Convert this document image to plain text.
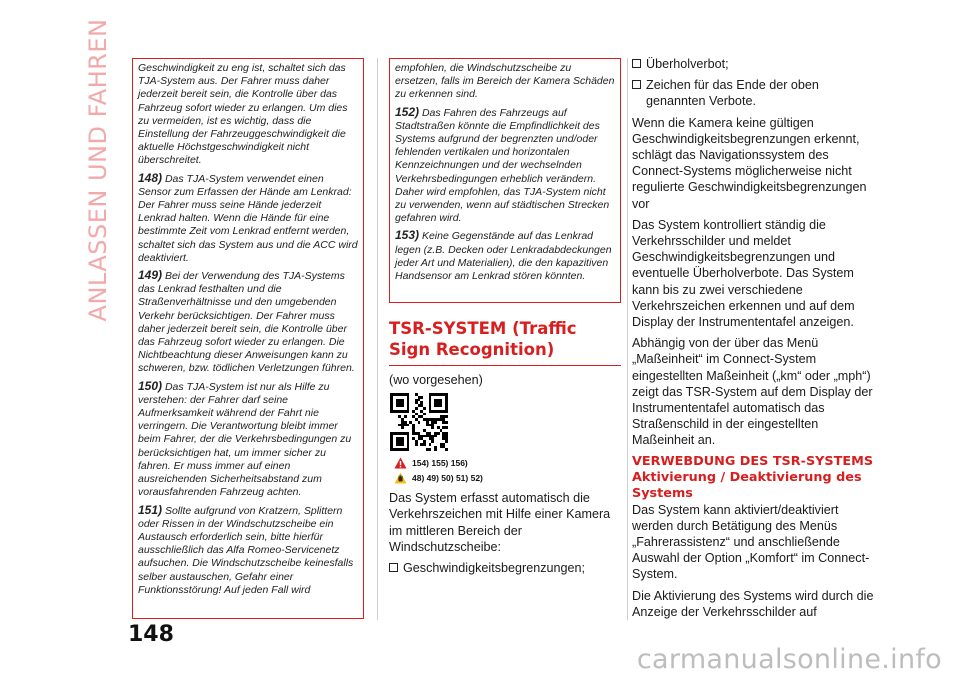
ANLASSEN UND FAHREN Geschwindigkeit zu eng ist, schaltet sich das TJA-System aus. Der Fahrer muss daher jederzeit bereit sein, die Kontrolle über das Fahrzeug sofort wieder zu erlangen. Um dies zu vermeiden, ist es wichtig, dass die Einstellung der Fahrzeuggeschwindigkeit die aktuelle Höchstgeschwindigkeit nicht überschreitet.

148) Das TJA-System verwendet einen Sensor zum Erfassen der Hände am Lenkrad: Der Fahrer muss seine Hände jederzeit Lenkrad halten. Wenn die Hände für eine bestimmte Zeit vom Lenkrad entfernt werden, schaltet sich das System aus und die ACC wird deaktiviert.

149) Bei der Verwendung des TJA-Systems das Lenkrad festhalten und die Straßenverhältnisse und den umgebenden Verkehr berücksichtigen. Der Fahrer muss daher jederzeit bereit sein, die Kontrolle über das Fahrzeug sofort wieder zu erlangen. Die Nichtbeachtung dieser Anweisungen kann zu schweren, bzw. tödlichen Verletzungen führen.

150) Das TJA-System ist nur als Hilfe zu verstehen: der Fahrer darf seine Aufmerksamkeit während der Fahrt nie verringern. Die Verantwortung bleibt immer beim Fahrer, der die Verkehrsbedingungen zu berücksichtigen hat, um immer sicher zu fahren. Er muss immer auf einen ausreichenden Sicherheitsabstand zum vorausfahrenden Fahrzeug achten.

151) Sollte aufgrund von Kratzern, Splittern oder Rissen in der Windschutzscheibe ein Austausch erforderlich sein, bitte hierfür ausschließlich das Alfa Romeo-Servicenetz aufsuchen. Die Windschutzscheibe keinesfalls selber austauschen, Gefahr einer Funktionsstörung! Auf jeden Fall wird

empfohlen, die Windschutzscheibe zu ersetzen, falls im Bereich der Kamera Schäden zu erkennen sind.

152) Das Fahren des Fahrzeugs auf Stadtstraßen könnte die Empfindlichkeit des Systems aufgrund der begrenzten und/oder fehlenden vertikalen und horizontalen Kennzeichnungen und der wechselnden Verkehrsbedingungen erheblich verändern. Daher wird empfohlen, das TJA-System nicht zu verwenden, wenn auf städtischen Strecken gefahren wird.

153) Keine Gegenstände auf das Lenkrad legen (z.B. Decken oder Lenkradabdeckungen jeder Art und Materialien), die den kapazitiven Handsensor am Lenkrad stören könnten.

TSR-SYSTEM (Traffic Sign Recognition)

(wo vorgesehen)

154) 155) 156)
48) 49) 50) 51) 52)

Das System erfasst automatisch die Verkehrszeichen mit Hilfe einer Kamera im mittleren Bereich der Windschutzscheibe:

Geschwindigkeitsbegrenzungen;
Überholverbot;
Zeichen für das Ende der oben genannten Verbote.

Wenn die Kamera keine gültigen Geschwindigkeitsbegrenzungen erkennt, schlägt das Navigationssystem des Connect-Systems möglicherweise nicht regulierte Geschwindigkeitsbegrenzungen vor

Das System kontrolliert ständig die Verkehrsschilder und meldet Geschwindigkeitsbegrenzungen und eventuelle Überholverbote. Das System kann bis zu zwei verschiedene Verkehrszeichen erkennen und auf dem Display der Instrumententafel anzeigen.

Abhängig von der über das Menü „Maßeinheit“ im Connect-System eingestellten Maßeinheit („km“ oder „mph“) zeigt das TSR-System auf dem Display der Instrumententafel automatisch das Straßenschild in der eingestellten Maßeinheit an.

VERWEBDUNG DES TSR-SYSTEMS
Aktivierung / Deaktivierung des Systems

Das System kann aktiviert/deaktiviert werden durch Betätigung des Menüs „Fahrerassistenz“ und anschließende Auswahl der Option „Komfort“ im Connect-System.

Die Aktivierung des Systems wird durch die Anzeige der Verkehrsschilder auf

148
carmanualsonline.info
